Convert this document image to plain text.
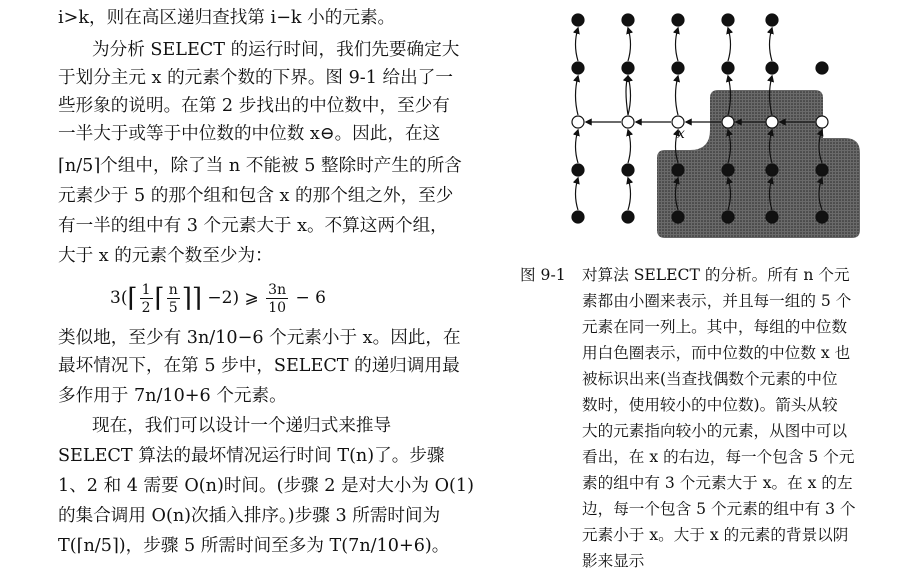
i>k，则在高区递归查找第 i−k 小的元素。
为分析 SELECT 的运行时间，我们先要确定大
于划分主元 x 的元素个数的下界。图 9-1 给出了一
些形象的说明。在第 2 步找出的中位数中，至少有
一半大于或等于中位数的中位数 x⊖。因此，在这
⌈n/5⌉个组中，除了当 n 不能被 5 整除时产生的所含
元素少于 5 的那个组和包含 x 的那个组之外，至少
有一半的组中有 3 个元素大于 x。不算这两个组，
大于 x 的元素个数至少为：
类似地，至少有 3n/10−6 个元素小于 x。因此，在
最坏情况下，在第 5 步中，SELECT 的递归调用最
多作用于 7n/10+6 个元素。
现在，我们可以设计一个递归式来推导
SELECT 算法的最坏情况运行时间 T(n)了。步骤
1、2 和 4 需要 O(n)时间。(步骤 2 是对大小为 O(1)
的集合调用 O(n)次插入排序。)步骤 3 所需时间为
T(⌈n/5⌉)，步骤 5 所需时间至多为 T(7n/10+6)。
3(⌈ $\frac{1}{2}$ ⌈ $\frac{n}{5}$ ⌉⌉ −2) ⩾ $\frac{3n}{10} - 6$
x
图 9-1 对算法 SELECT 的分析。所有 n 个元
素都由小圈来表示，并且每一组的 5 个
元素在同一列上。其中，每组的中位数
用白色圈表示，而中位数的中位数 x 也
被标识出来(当查找偶数个元素的中位
数时，使用较小的中位数)。箭头从较
大的元素指向较小的元素，从图中可以
看出，在 x 的右边，每一个包含 5 个元
素的组中有 3 个元素大于 x。在 x 的左
边，每一个包含 5 个元素的组中有 3 个
元素小于 x。大于 x 的元素的背景以阴
影来显示
